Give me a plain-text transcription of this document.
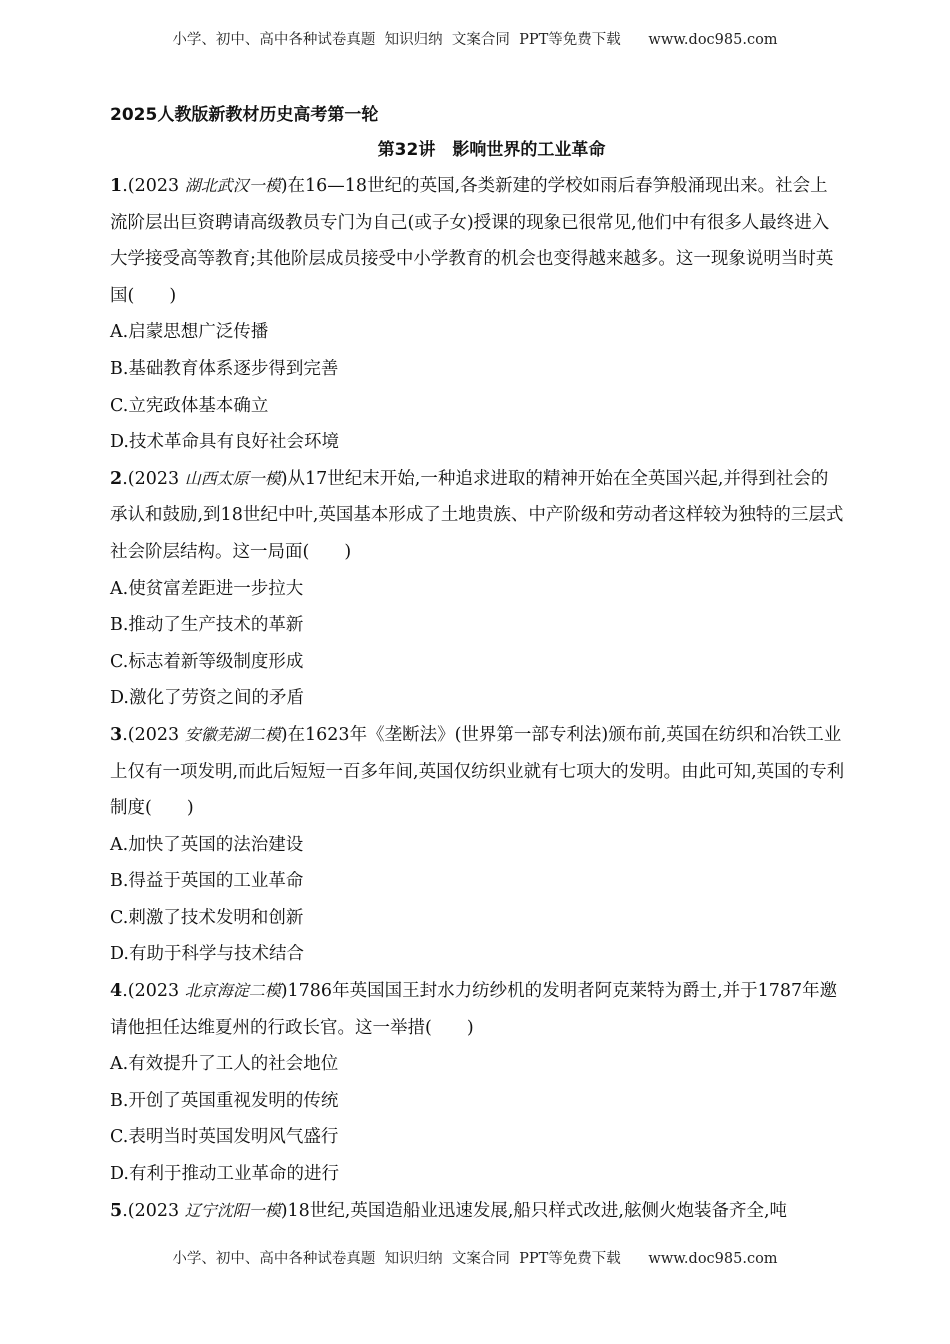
小学、初中、高中各种试卷真题  知识归纳  文案合同  PPT等免费下载      www.doc985.com
2025人教版新教材历史高考第一轮
第32讲　影响世界的工业革命
1.(2023 湖北武汉一模)在16—18世纪的英国,各类新建的学校如雨后春笋般涌现出来。社会上流阶层出巨资聘请高级教员专门为自己(或子女)授课的现象已很常见,他们中有很多人最终进入大学接受高等教育;其他阶层成员接受中小学教育的机会也变得越来越多。这一现象说明当时英国(　　)
A.启蒙思想广泛传播
B.基础教育体系逐步得到完善
C.立宪政体基本确立
D.技术革命具有良好社会环境
2.(2023 山西太原一模)从17世纪末开始,一种追求进取的精神开始在全英国兴起,并得到社会的承认和鼓励,到18世纪中叶,英国基本形成了土地贵族、中产阶级和劳动者这样较为独特的三层式社会阶层结构。这一局面(　　)
A.使贫富差距进一步拉大
B.推动了生产技术的革新
C.标志着新等级制度形成
D.激化了劳资之间的矛盾
3.(2023 安徽芜湖二模)在1623年《垄断法》(世界第一部专利法)颁布前,英国在纺织和冶铁工业上仅有一项发明,而此后短短一百多年间,英国仅纺织业就有七项大的发明。由此可知,英国的专利制度(　　)
A.加快了英国的法治建设
B.得益于英国的工业革命
C.刺激了技术发明和创新
D.有助于科学与技术结合
4.(2023 北京海淀二模)1786年英国国王封水力纺纱机的发明者阿克莱特为爵士,并于1787年邀请他担任达维夏州的行政长官。这一举措(　　)
A.有效提升了工人的社会地位
B.开创了英国重视发明的传统
C.表明当时英国发明风气盛行
D.有利于推动工业革命的进行
5.(2023 辽宁沈阳一模)18世纪,英国造船业迅速发展,船只样式改进,舷侧火炮装备齐全,吨
小学、初中、高中各种试卷真题  知识归纳  文案合同  PPT等免费下载      www.doc985.com
